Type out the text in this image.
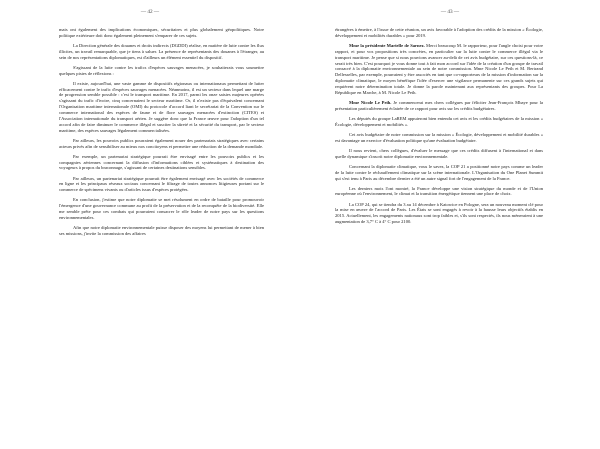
— 42 —

mais ont également des implications économiques, sécuritaires et plus globalement géopolitiques. Notre politique extérieure doit donc également pleinement s'emparer de ces sujets.

La Direction générale des douanes et droits indirects (DGDDI) réalise, en matière de lutte contre les flux illicites, un travail remarquable, que je tiens à saluer. La présence de représentants des douanes à l'étranger, au sein de nos représentations diplomatiques, est d'ailleurs un élément essentiel du dispositif.

S'agissant de la lutte contre les trafics d'espèces sauvages menacées, je souhaiterais vous soumettre quelques pistes de réflexions :

Il existe, aujourd'hui, une vaste gamme de dispositifs régionaux ou internationaux permettant de lutter efficacement contre le trafic d'espèces sauvages menacées. Néanmoins, il est un secteur dans lequel une marge de progression semble possible : c'est le transport maritime. En 2017, parmi les onze saisies majeures opérées s'agissant du trafic d'ivoire, cinq concernaient le secteur maritime. Or, il n'existe pas d'équivalent concernant l'Organisation maritime internationale (OMI) du protocole d'accord liant le secrétariat de la Convention sur le commerce international des espèces de faune et de flore sauvages menacées d'extinction (CITES) et l'Association internationale du transport aérien. Je suggère donc que la France œuvre pour l'adoption d'un tel accord afin de faire diminuer le commerce illégal et susciter la sûreté et la sécurité du transport, par le secteur maritime, des espèces sauvages légalement commercialisées.

Par ailleurs, les pouvoirs publics pourraient également nouer des partenariats stratégiques avec certains acteurs privés afin de sensibiliser au mieux nos concitoyens et permettre une réduction de la demande mondiale.

Par exemple, un partenariat stratégique pourrait être envisagé entre les pouvoirs publics et les compagnies aériennes concernant la diffusion d'informations ciblées et systématiques à destination des voyageurs à propos du braconnage, s'agissant de certaines destinations sensibles.

Par ailleurs, un partenariat stratégique pourrait être également envisagé avec les sociétés de commerce en ligne et les principaux réseaux sociaux concernant le filtrage de toutes annonces litigieuses portant sur le commerce de spécimens vivants ou d'articles issus d'espèces protégées.

En conclusion, j'estime que notre diplomatie se met résolument en ordre de bataille pour promouvoir l'émergence d'une gouvernance commune au profit de la préservation et de la reconquête de la biodiversité. Elle me semble prête pour ces combats qui pourraient consacrer le rôle leader de notre pays sur les questions environnementales.

Afin que notre diplomatie environnementale puisse disposer des moyens lui permettant de mener à bien ses missions, j'invite la commission des affaires

— 43 —

étrangères à émettre, à l'issue de cette réunion, un avis favorable à l'adoption des crédits de la mission « Écologie, développement et mobilités durables » pour 2019.

Mme la présidente Marielle de Sarnez. Merci beaucoup M. le rapporteur, pour l'angle choisi pour votre rapport, et pour vos propositions très concrètes, en particulier sur la lutte contre le commerce illégal via le transport maritime. Je pense que si nous pouvions avancer au-delà de cet avis budgétaire, sur ces questions-là, ce serait très bien. C'est pourquoi je vous donne tout à fait mon accord sur l'idée de la création d'un groupe de travail consacré à la diplomatie environnementale au sein de notre commission. Mme Nicole Le Peih et M. Bertrand Dellesselles, par exemple, pourraient y être associés en tant que co-rapporteurs de la mission d'information sur la diplomatie climatique, le moyen bénéfique l'idée d'exercer une vigilance permanente sur ces grands sujets qui requièrent notre détermination totale. Je donne la parole maintenant aux représentants des groupes. Pour La République en Marche, à M. Nicole Le Peih.

Mme Nicole Le Peih. Je commencerai mes chers collègues par féliciter Jean-François Mbaye pour la présentation particulièrement éclairée de ce rapport pour avis sur les crédits budgétaires.

Les députés du groupe LaREM appuieront bien entendu cet avis et les crédits budgétaires de la mission « Écologie, développement et mobilités ».

Cet avis budgétaire de notre commission sur la mission « Écologie, développement et mobilité durables » est davantage un exercice d'évaluation politique qu'une évaluation budgétaire.

Il nous revient, chers collègues, d'évaluer le message que ces crédits diffusent à l'international et dans quelle dynamique s'inscrit notre diplomatie environnementale.

Concernant la diplomatie climatique, vous le savez, la COP 21 a positionné notre pays comme un leader de la lutte contre le réchauffement climatique sur la scène internationale. L'Organisation du One Planet Summit qui s'est tenu à Paris au décembre dernier a été un autre signal fort de l'engagement de la France.

Les derniers mois l'ont montré, la France développe une vision stratégique du monde et de l'Union européenne où l'environnement, le climat et la transition énergétique tiennent une place de choix.

La COP 24, qui se tiendra du 3 au 14 décembre à Katowice en Pologne, sera un nouveau moment clé pour la mise en œuvre de l'accord de Paris. Les États se sont engagés à revoir à la hausse leurs objectifs établis en 2015. Actuellement, les engagements nationaux sont trop faibles et, s'ils sont respectés, ils nous mèneraient à une augmentation de 3,7° C à 4° C pour 2100.
